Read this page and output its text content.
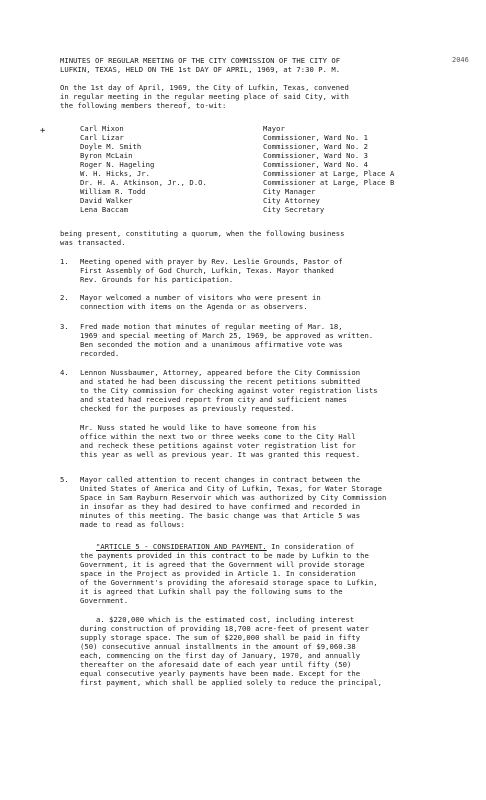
MINUTES OF REGULAR MEETING OF THE CITY COMMISSION OF THE CITY OF
LUFKIN, TEXAS, HELD ON THE 1st DAY OF APRIL, 1969, at 7:30 P. M.
2046
On the 1st day of April, 1969, the City of Lufkin, Texas, convened
in regular meeting in the regular meeting place of said City, with
the following members thereof, to-wit:
+	Carl Mixon	Mayor
Carl Lizar	Commissioner, Ward No. 1
Doyle M. Smith	Commissioner, Ward No. 2
Byron McLain	Commissioner, Ward No. 3
Roger N. Hageling	Commissioner, Ward No. 4
W. H. Hicks, Jr.	Commissioner at Large, Place A
Dr. H. A. Atkinson, Jr., D.O.	Commissioner at Large, Place B
William R. Todd	City Manager
David Walker	City Attorney
Lena Baccam	City Secretary
being present, constituting a quorum, when the following business
was transacted.
1. Meeting opened with prayer by Rev. Leslie Grounds, Pastor of
First Assembly of God Church, Lufkin, Texas. Mayor thanked
Rev. Grounds for his participation.
2. Mayor welcomed a number of visitors who were present in
connection with items on the Agenda or as observers.
3. Fred made motion that minutes of regular meeting of Mar. 18,
1969 and special meeting of March 25, 1969, be approved as written.
Ben seconded the motion and a unanimous affirmative vote was
recorded.
4. Lennon Nussbaumer, Attorney, appeared before the City Commission
and stated he had been discussing the recent petitions submitted
to the City commission for checking against voter registration lists
and stated had received report from city and sufficient names
checked for the purposes as previously requested.
Mr. Nuss stated he would like to have someone from his
office within the next two or three weeks come to the City Hall
and recheck these petitions against voter registration list for
this year as well as previous year. It was granted this request.
5. Mayor called attention to recent changes in contract between the
United States of America and City of Lufkin, Texas, for Water Storage
Space in Sam Rayburn Reservoir which was authorized by City Commission
in insofar as they had desired to have confirmed and recorded in
minutes of this meeting. The basic change was that Article 5 was
made to read as follows:
"ARTICLE 5 - CONSIDERATION AND PAYMENT. In consideration of
the payments provided in this contract to be made by Lufkin to the
Government, it is agreed that the Government will provide storage
space in the Project as provided in Article 1. In consideration
of the Government's providing the aforesaid storage space to Lufkin,
it is agreed that Lufkin shall pay the following sums to the
Government.
a. $220,000 which is the estimated cost, including interest
during construction of providing 18,700 acre-feet of present water
supply storage space. The sum of $220,000 shall be paid in fifty
(50) consecutive annual installments in the amount of $9,060.38
each, commencing on the first day of January, 1970, and annually
thereafter on the aforesaid date of each year until fifty (50)
equal consecutive yearly payments have been made. Except for the
first payment, which shall be applied solely to reduce the principal,
